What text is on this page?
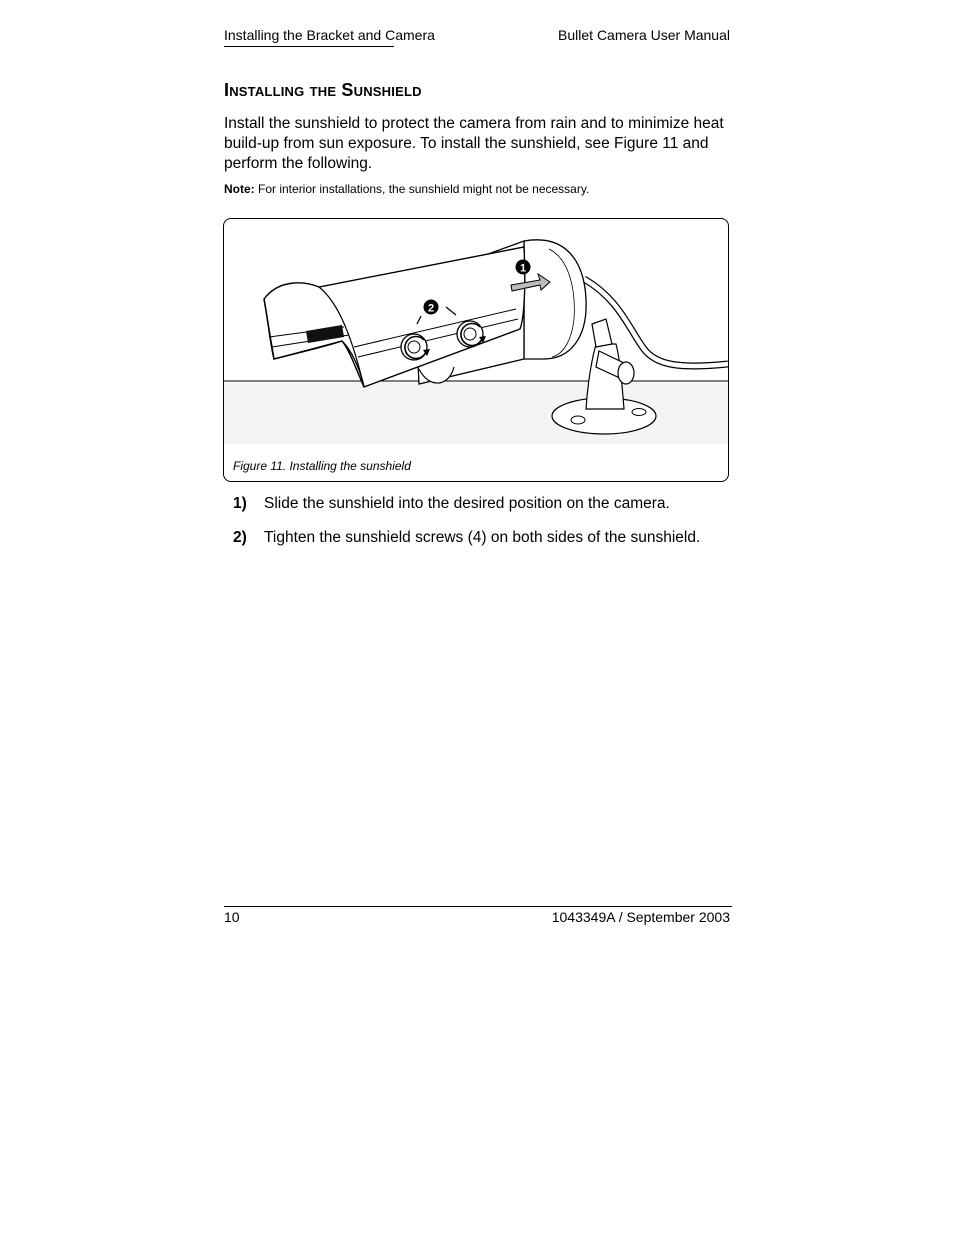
Installing the Bracket and Camera	Bullet Camera User Manual
Installing the Sunshield
Install the sunshield to protect the camera from rain and to minimize heat build-up from sun exposure. To install the sunshield, see Figure 11 and perform the following.
Note: For interior installations, the sunshield might not be necessary.
2
1
Figure 11. Installing the sunshield
1)	Slide the sunshield into the desired position on the camera.
2)	Tighten the sunshield screws (4) on both sides of the sunshield.
10	1043349A / September 2003
